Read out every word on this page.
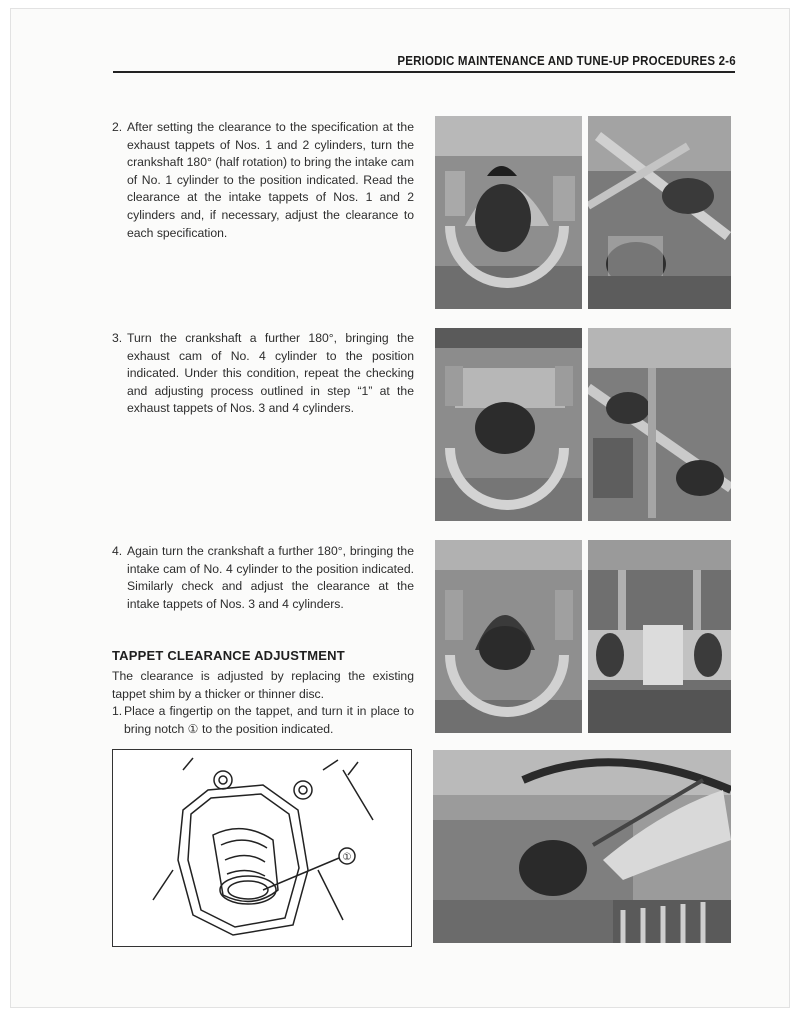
PERIODIC MAINTENANCE AND TUNE-UP PROCEDURES 2-6
2. After setting the clearance to the specification at the exhaust tappets of Nos. 1 and 2 cylinders, turn the crankshaft 180° (half rotation) to bring the intake cam of No. 1 cylinder to the position indicated. Read the clearance at the intake tappets of Nos. 1 and 2 cylinders and, if necessary, adjust the clearance to each specification.
3. Turn the crankshaft a further 180°, bringing the exhaust cam of No. 4 cylinder to the position indicated. Under this condition, repeat the checking and adjusting process outlined in step “1” at the exhaust tappets of Nos. 3 and 4 cylinders.
4. Again turn the crankshaft a further 180°, bringing the intake cam of No. 4 cylinder to the position indicated. Similarly check and adjust the clearance at the intake tappets of Nos. 3 and 4 cylinders.
TAPPET CLEARANCE ADJUSTMENT
The clearance is adjusted by replacing the existing tappet shim by a thicker or thinner disc.
1. Place a fingertip on the tappet, and turn it in place to bring notch ① to the position indicated.
①
